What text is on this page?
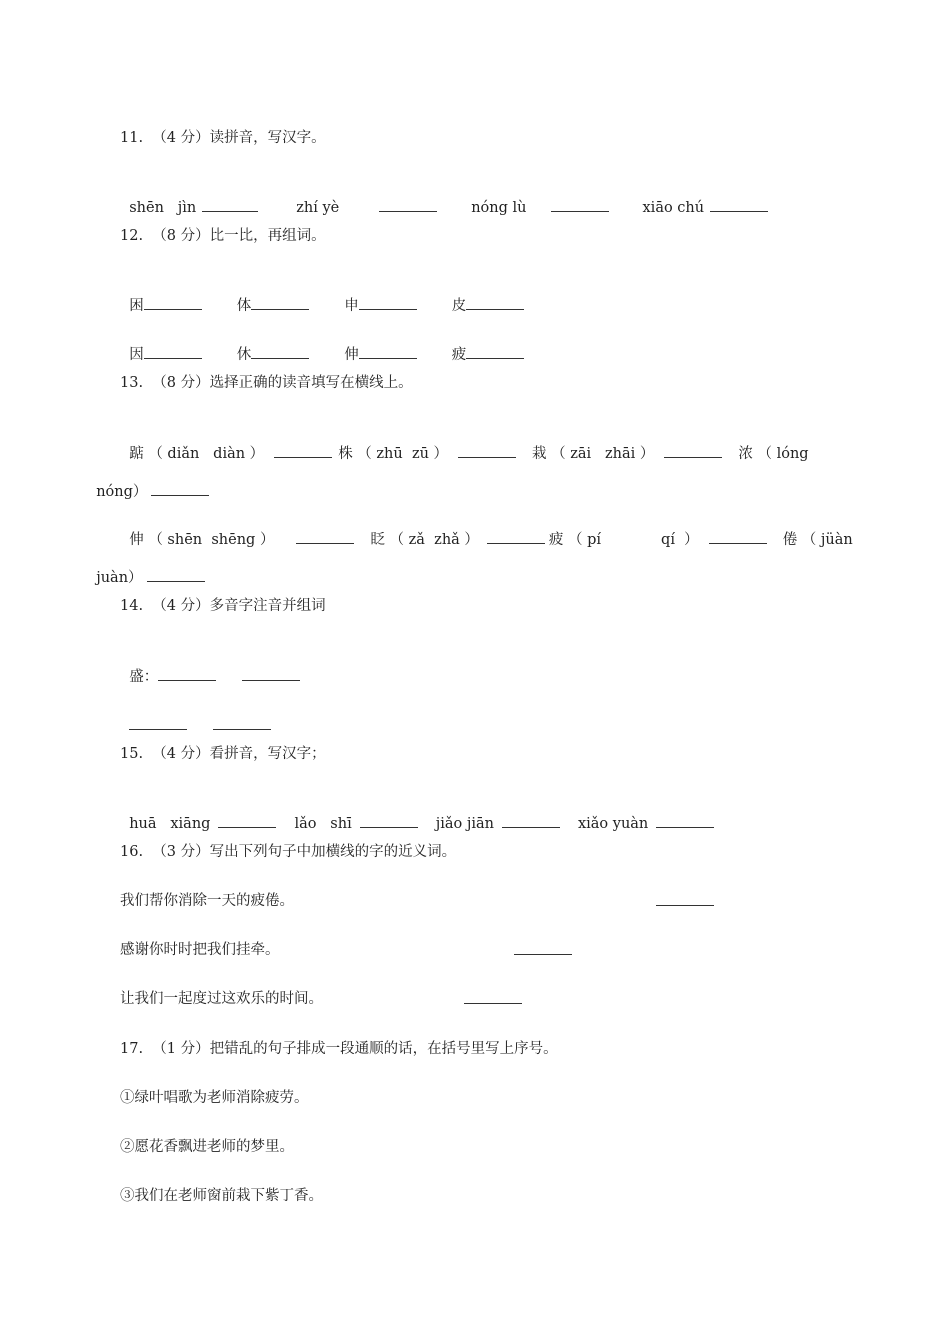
11.  （4 分）读拼音，写汉字。

shēn   jìn	zhí yè	nóng lù	xiāo chú

12.  （8 分）比一比，再组词。

困	体	申	皮

因	休	伸	疲

13.  （8 分）选择正确的读音填写在横线上。

踮 （ diǎn   diàn ）	株 （ zhū  zū ）	栽 （ zāi   zhāi ）	浓 （ lóng

nóng）

伸 （ shēn  shēng ）	眨 （ zǎ  zhǎ ）	疲 （ pí	qí  ）	倦 （ jüàn

juàn）

14.  （4 分）多音字注音并组词

盛：

15.  （4 分）看拼音，写汉字；

huā   xiāng	lǎo   shī	jiǎo jiān	xiǎo yuàn

16.  （3 分）写出下列句子中加横线的字的近义词。
我们帮你消除一天的疲倦。
感谢你时时把我们挂牵。
让我们一起度过这欢乐的时间。
17.  （1 分）把错乱的句子排成一段通顺的话，在括号里写上序号。
①绿叶唱歌为老师消除疲劳。
②愿花香飘进老师的梦里。
③我们在老师窗前栽下紫丁香。
